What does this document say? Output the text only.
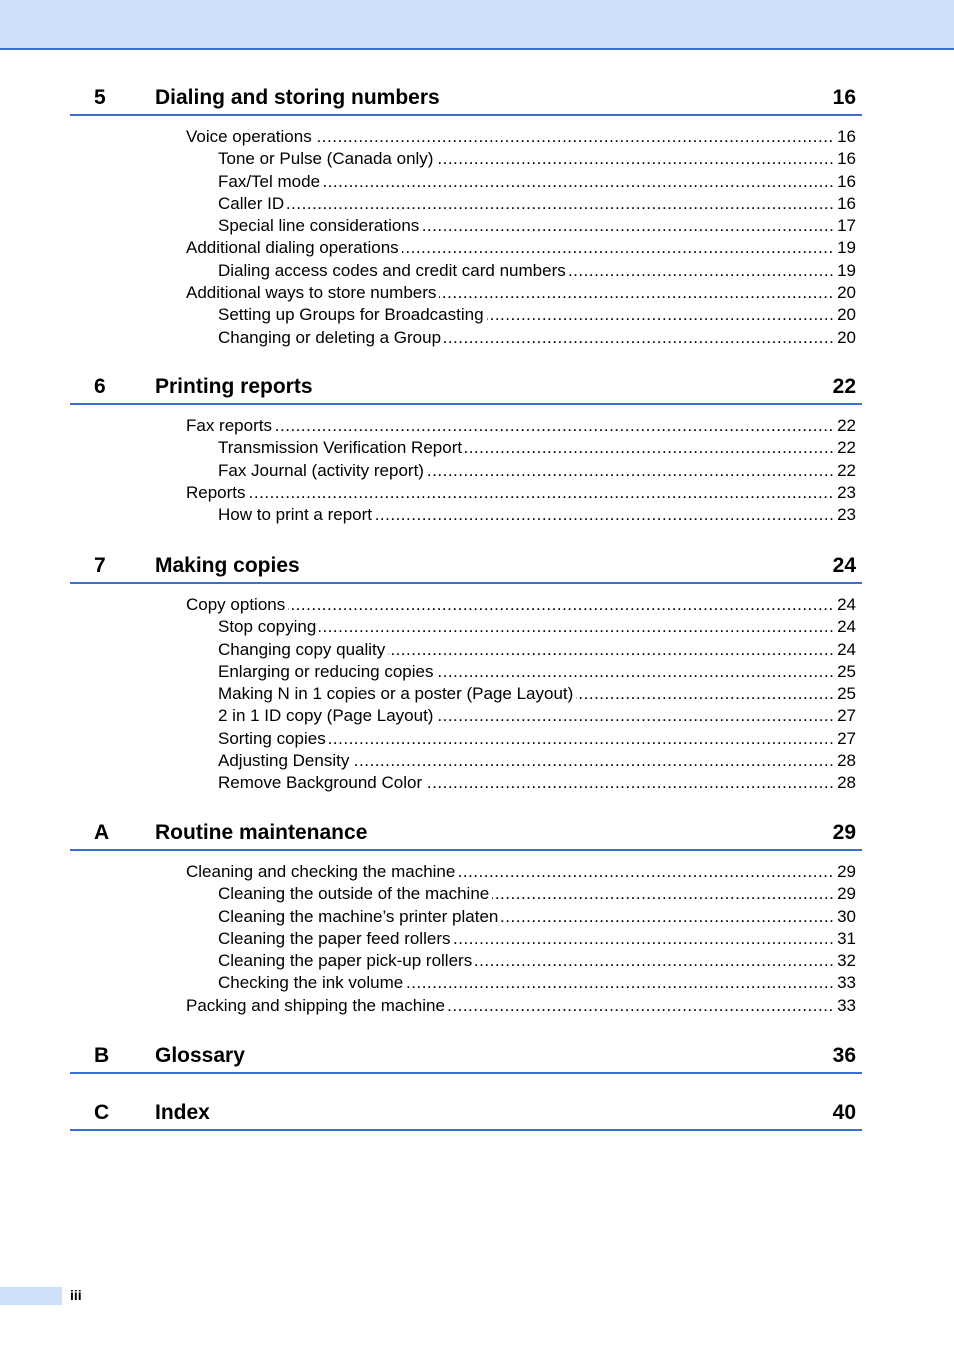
5	Dialing and storing numbers	16
.....
Voice operations	16
.....
Tone or Pulse (Canada only)	16
.....
Fax/Tel mode	16
.....
Caller ID	16
.....
Special line considerations	17
.....
Additional dialing operations	19
.....
Dialing access codes and credit card numbers	19
.....
Additional ways to store numbers	20
.....
Setting up Groups for Broadcasting	20
.....
Changing or deleting a Group	20
6	Printing reports	22
.....
Fax reports	22
.....
Transmission Verification Report	22
.....
Fax Journal (activity report)	22
.....
Reports	23
.....
How to print a report	23
7	Making copies	24
.....
Copy options	24
.....
Stop copying	24
.....
Changing copy quality	24
.....
Enlarging or reducing copies	25
.....
Making N in 1 copies or a poster (Page Layout)	25
.....
2 in 1 ID copy (Page Layout)	27
.....
Sorting copies	27
.....
Adjusting Density	28
.....
Remove Background Color	28
A	Routine maintenance	29
.....
Cleaning and checking the machine	29
.....
Cleaning the outside of the machine	29
.....
Cleaning the machine’s printer platen	30
.....
Cleaning the paper feed rollers	31
.....
Cleaning the paper pick-up rollers	32
.....
Checking the ink volume	33
.....
Packing and shipping the machine	33
B	Glossary	36
C	Index	40
iii
